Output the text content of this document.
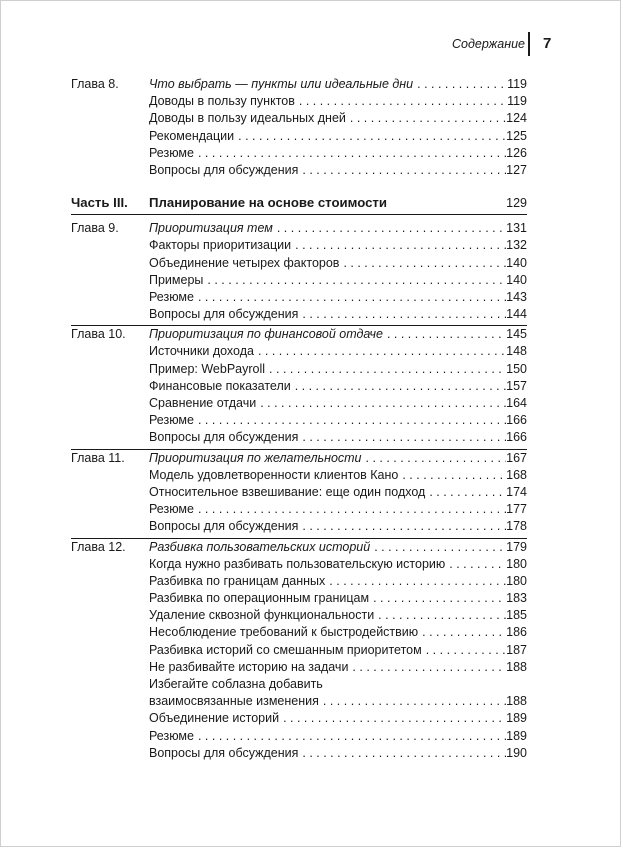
Содержание 7
Глава 8.	Что выбрать — пункты или идеальные дни . . .	119
Доводы в пользу пунктов . . .	119
Доводы в пользу идеальных дней . . .	124
Рекомендации . . .	125
Резюме . . .	126
Вопросы для обсуждения . . .	127
Часть III.	Планирование на основе стоимости	129
Глава 9.	Приоритизация тем . . .	131
Факторы приоритизации . . .	132
Объединение четырех факторов . . .	140
Примеры . . .	140
Резюме . . .	143
Вопросы для обсуждения . . .	144
Глава 10.	Приоритизация по финансовой отдаче . . .	145
Источники дохода . . .	148
Пример: WebPayroll . . .	150
Финансовые показатели . . .	157
Сравнение отдачи . . .	164
Резюме . . .	166
Вопросы для обсуждения . . .	166
Глава 11.	Приоритизация по желательности . . .	167
Модель удовлетворенности клиентов Кано . . .	168
Относительное взвешивание: еще один подход . . .	174
Резюме . . .	177
Вопросы для обсуждения . . .	178
Глава 12.	Разбивка пользовательских историй . . .	179
Когда нужно разбивать пользовательскую историю . . .	180
Разбивка по границам данных . . .	180
Разбивка по операционным границам . . .	183
Удаление сквозной функциональности . . .	185
Несоблюдение требований к быстродействию . . .	186
Разбивка историй со смешанным приоритетом . . .	187
Не разбивайте историю на задачи . . .	188
Избегайте соблазна добавить
взаимосвязанные изменения . . .	188
Объединение историй . . .	189
Резюме . . .	189
Вопросы для обсуждения . . .	190
